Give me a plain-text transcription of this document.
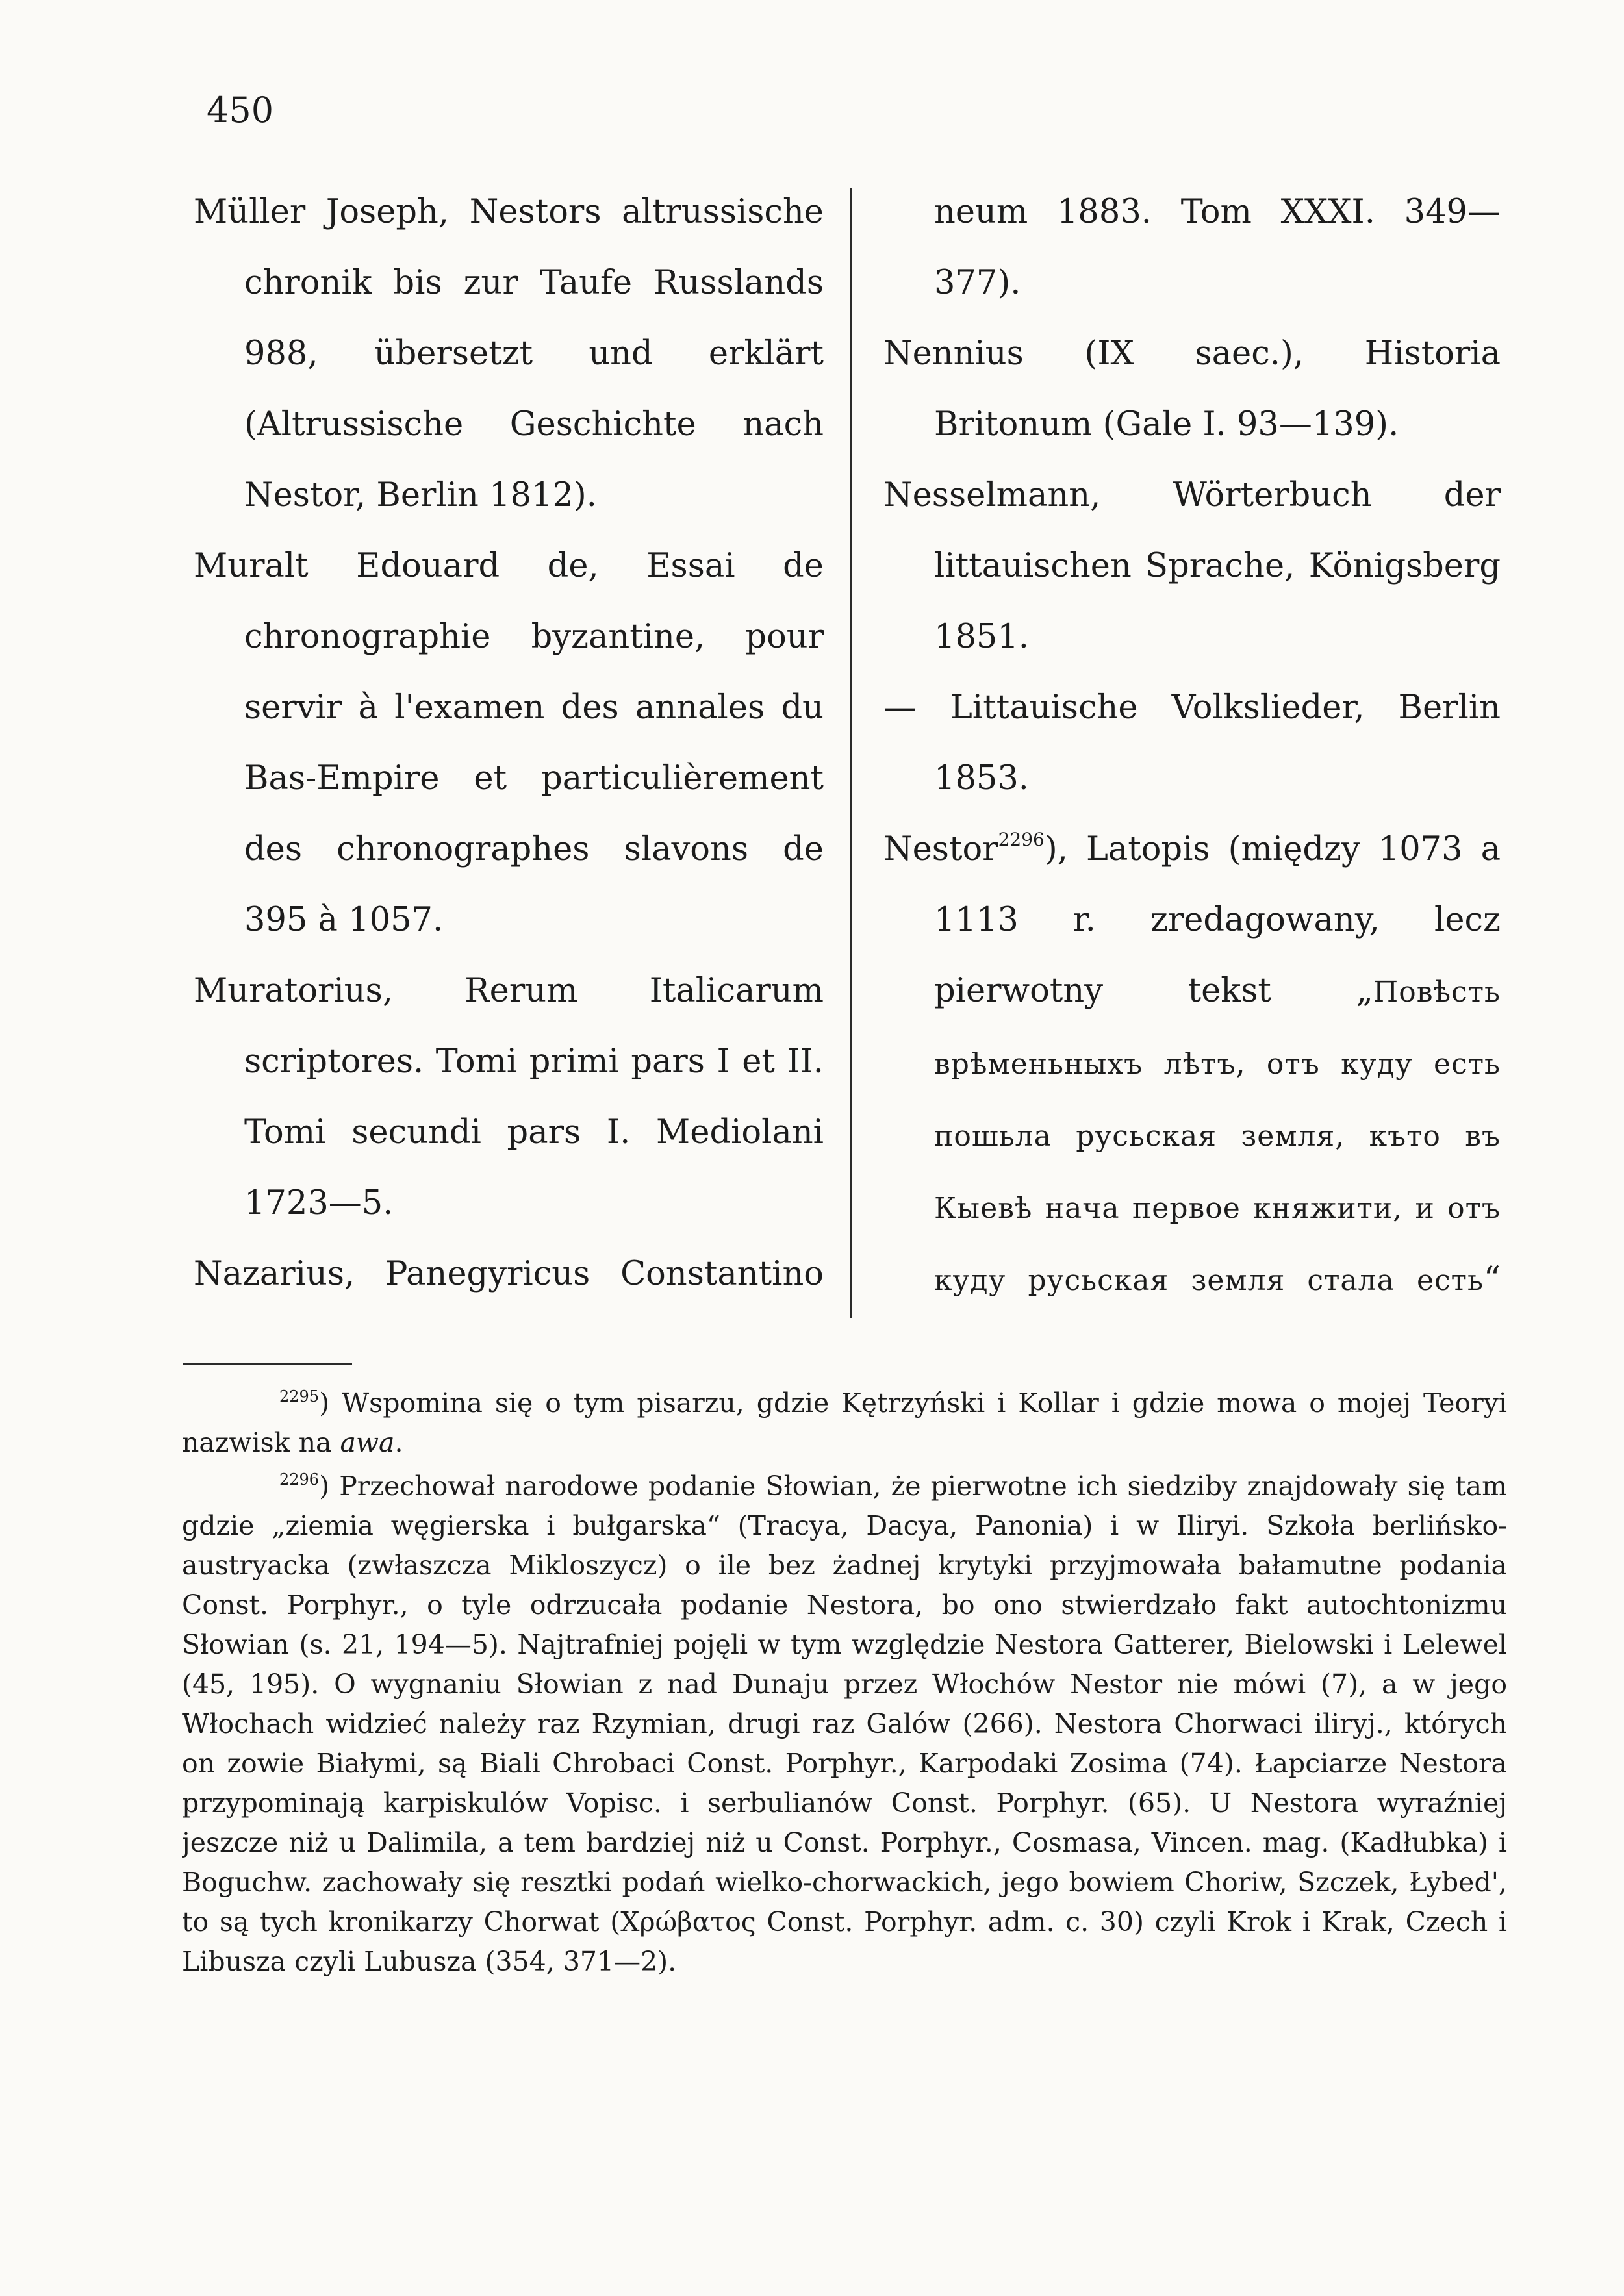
450

Müller Joseph, Nestors altrussische chronik bis zur Taufe Russlands 988, übersetzt und erklärt (Altrussische Geschichte nach Nestor, Berlin 1812).

Muralt Edouard de, Essai de chronographie byzantine, pour servir à l'examen des annales du Bas-Empire et particulièrement des chronographes slavons de 395 à 1057.

Muratorius, Rerum Italicarum scriptores. Tomi primi pars I et II. Tomi secundi pars I. Mediolani 1723—5.

Nazarius, Panegyricus Constantino

neum 1883. Tom XXXI. 349—377).

Nennius (IX saec.), Historia Britonum (Gale I. 93—139).

Nesselmann, Wörterbuch der littauischen Sprache, Königsberg 1851.

— Littauische Volkslieder, Berlin 1853.

Nestor$^{2296}$), Latopis (między 1073 a 1113 r. zredagowany, lecz pierwotny tekst „Повѣсть врѣменьныхъ лѣтъ, отъ куду есть пошьла русьская земля, къто въ Кыевѣ нача первое княжити, и отъ куду русьская земля стала есть“

$^{2295}$) Wspomina się o tym pisarzu, gdzie Kętrzyński i Kollar i gdzie mowa o mojej Teoryi nazwisk na awa.

$^{2296}$) Przechował narodowe podanie Słowian, że pierwotne ich siedziby znajdowały się tam gdzie „ziemia węgierska i bułgarska“ (Tracya, Dacya, Panonia) i w Iliryi. Szkoła berlińsko-austryacka (zwłaszcza Mikloszycz) o ile bez żadnej krytyki przyjmowała bałamutne podania Const. Porphyr., o tyle odrzucała podanie Nestora, bo ono stwierdzało fakt autochtonizmu Słowian (s. 21, 194—5). Najtrafniej pojęli w tym względzie Nestora Gatterer, Bielowski i Lelewel (45, 195). O wygnaniu Słowian z nad Dunaju przez Włochów Nestor nie mówi (7), a w jego Włochach widzieć należy raz Rzymian, drugi raz Galów (266). Nestora Chorwaci iliryj., których on zowie Białymi, są Biali Chrobaci Const. Porphyr., Karpodaki Zosima (74). Łapciarze Nestora przypominają karpiskulów Vopisc. i serbulianów Const. Porphyr. (65). U Nestora wyraźniej jeszcze niż u Dalimila, a tem bardziej niż u Const. Porphyr., Cosmasa, Vincen. mag. (Kadłubka) i Boguchw. zachowały się resztki podań wielko-chorwackich, jego bowiem Choriw, Szczek, Łybed', to są tych kronikarzy Chorwat (Χρώβατος Const. Porphyr. adm. c. 30) czyli Krok i Krak, Czech i Libusza czyli Lubusza (354, 371—2).
